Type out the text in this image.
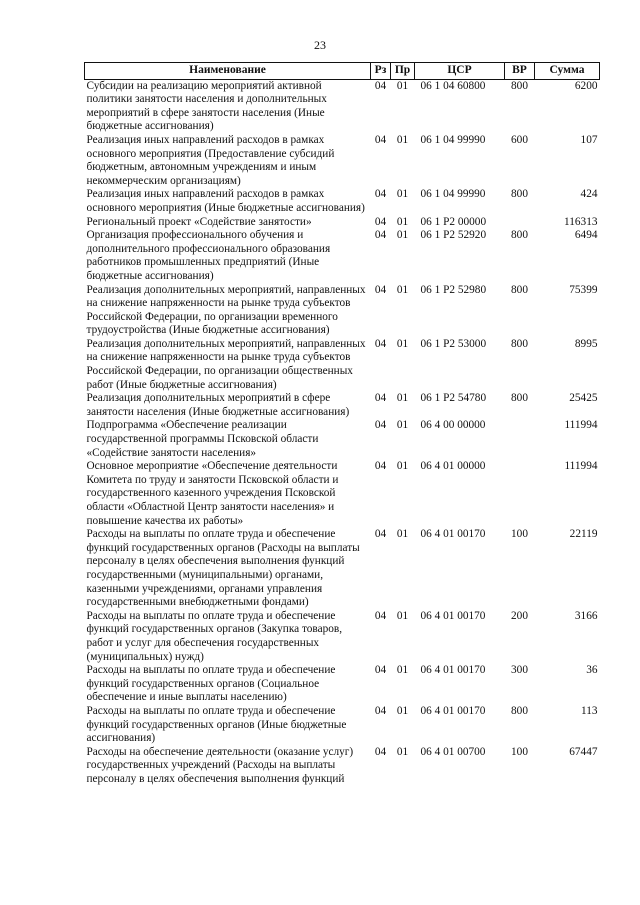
23
Наименование	Рз	Пр	ЦСР	ВР	Сумма
Субсидии на реализацию мероприятий активной политики занятости населения и дополнительных мероприятий в сфере занятости населения (Иные бюджетные ассигнования)	04	01	06 1 04 60800	800	6200
Реализация иных направлений расходов в рамках основного мероприятия (Предоставление субсидий бюджетным, автономным учреждениям и иным некоммерческим организациям)	04	01	06 1 04 99990	600	107
Реализация иных направлений расходов в рамках основного мероприятия (Иные бюджетные ассигнования)	04	01	06 1 04 99990	800	424
Региональный проект «Содействие занятости»	04	01	06 1 Р2 00000		116313
Организация профессионального обучения и дополнительного профессионального образования работников промышленных предприятий (Иные бюджетные ассигнования)	04	01	06 1 Р2 52920	800	6494
Реализация дополнительных мероприятий, направленных на снижение напряженности на рынке труда субъектов Российской Федерации, по организации временного трудоустройства (Иные бюджетные ассигнования)	04	01	06 1 Р2 52980	800	75399
Реализация дополнительных мероприятий, направленных на снижение напряженности на рынке труда субъектов Российской Федерации, по организации общественных работ (Иные бюджетные ассигнования)	04	01	06 1 Р2 53000	800	8995
Реализация дополнительных мероприятий в сфере занятости населения (Иные бюджетные ассигнования)	04	01	06 1 Р2 54780	800	25425
Подпрограмма «Обеспечение реализации государственной программы Псковской области «Содействие занятости населения»	04	01	06 4 00 00000		111994
Основное мероприятие «Обеспечение деятельности Комитета по труду и занятости Псковской области и государственного казенного учреждения Псковской области «Областной Центр занятости населения» и повышение качества их работы»	04	01	06 4 01 00000		111994
Расходы на выплаты по оплате труда и обеспечение функций государственных органов (Расходы на выплаты персоналу в целях обеспечения выполнения функций государственными (муниципальными) органами, казенными учреждениями, органами управления государственными внебюджетными фондами)	04	01	06 4 01 00170	100	22119
Расходы на выплаты по оплате труда и обеспечение функций государственных органов (Закупка товаров, работ и услуг для обеспечения государственных (муниципальных) нужд)	04	01	06 4 01 00170	200	3166
Расходы на выплаты по оплате труда и обеспечение функций государственных органов (Социальное обеспечение и иные выплаты населению)	04	01	06 4 01 00170	300	36
Расходы на выплаты по оплате труда и обеспечение функций государственных органов (Иные бюджетные ассигнования)	04	01	06 4 01 00170	800	113
Расходы на обеспечение деятельности (оказание услуг) государственных учреждений (Расходы на выплаты персоналу в целях обеспечения выполнения функций	04	01	06 4 01 00700	100	67447
